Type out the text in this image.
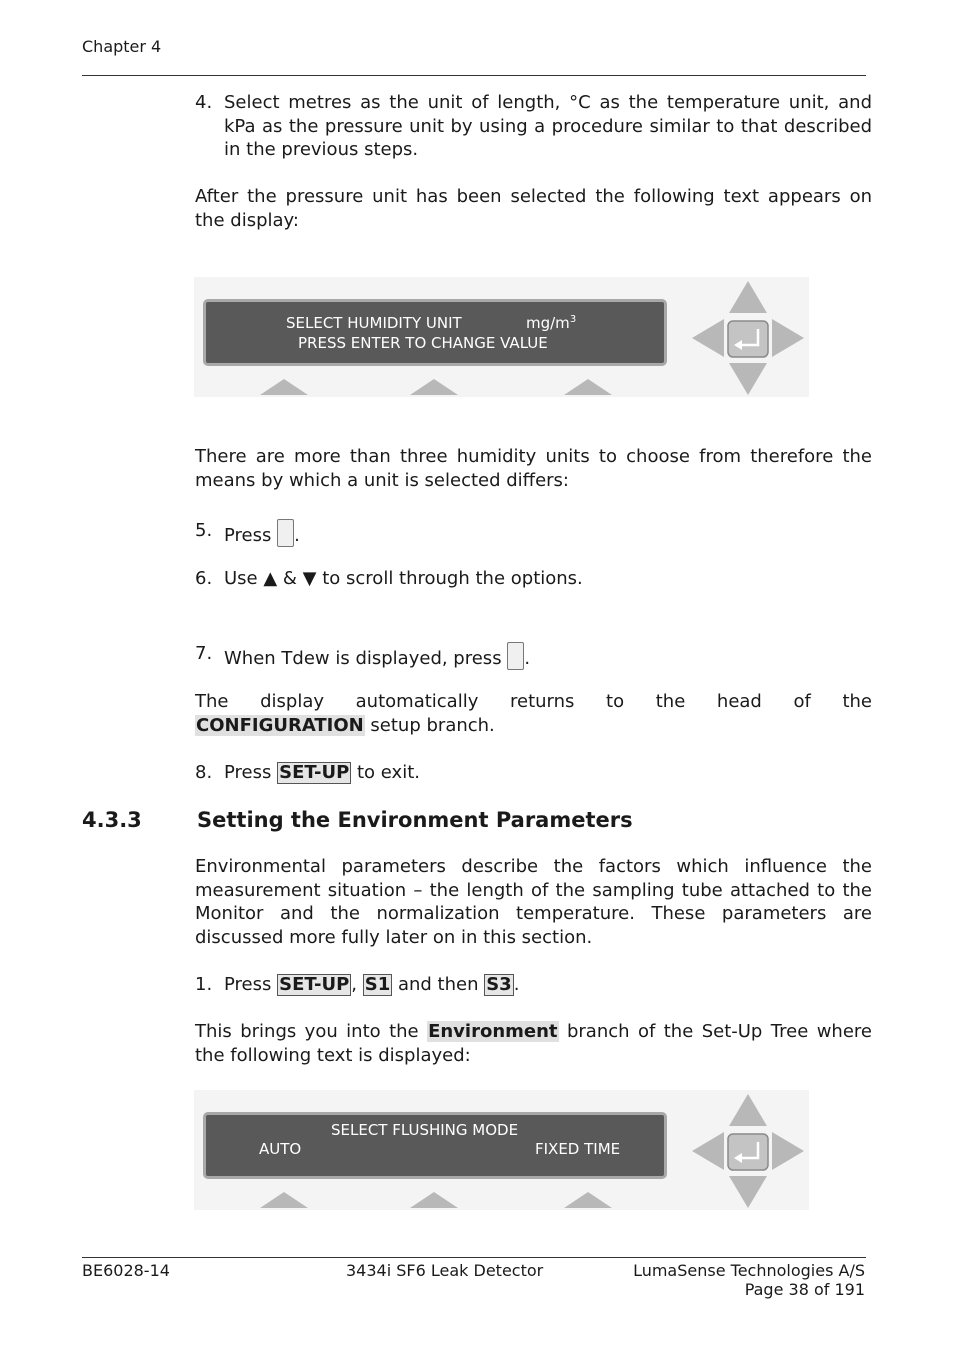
Chapter 4
4. Select metres as the unit of length, °C as the temperature unit, and kPa as the pressure unit by using a procedure similar to that described in the previous steps.
After the pressure unit has been selected the following text appears on the display:
SELECT HUMIDITY UNIT	$mg/m^3$
PRESS ENTER TO CHANGE VALUE
There are more than three humidity units to choose from therefore the means by which a unit is selected differs:
5. Press .
6. Use ▲ & ▼ to scroll through the options.
7. When Tdew is displayed, press .
The display automatically returns to the head of the
CONFIGURATION setup branch.
8. Press SET-UP to exit.
4.3.3	Setting the Environment Parameters
Environmental parameters describe the factors which influence the measurement situation – the length of the sampling tube attached to the Monitor and the normalization temperature. These parameters are discussed more fully later on in this section.
1. Press SET-UP , S1 and then S3 .
This brings you into the Environment branch of the Set-Up Tree where the following text is displayed:
SELECT FLUSHING MODE
AUTO	FIXED TIME
BE6028-14	3434i SF6 Leak Detector	LumaSense Technologies A/S
Page 38 of 191
